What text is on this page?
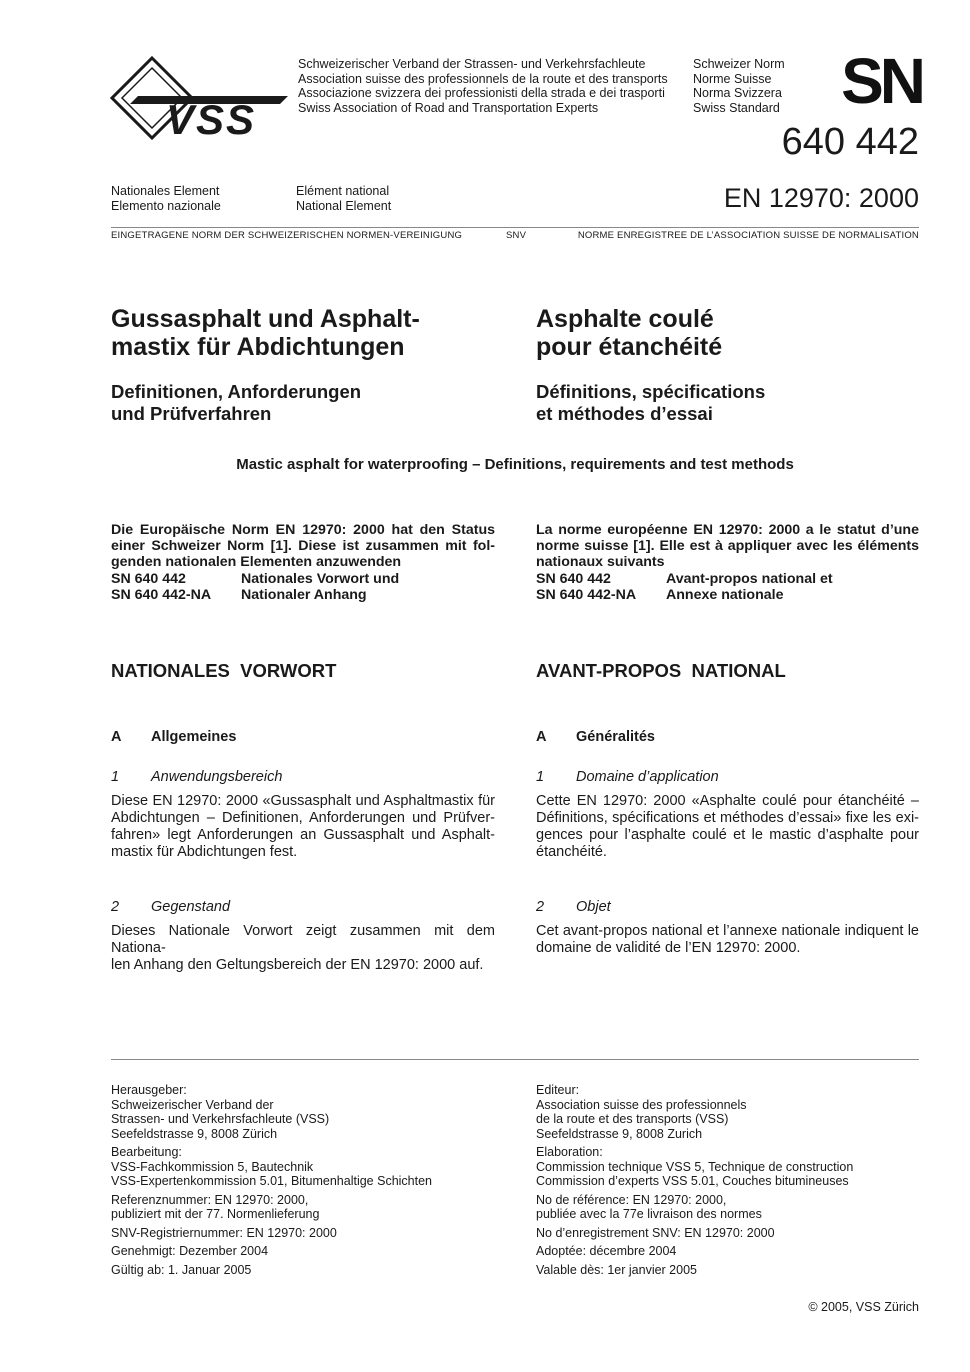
VSS
Schweizerischer Verband der Strassen- und Verkehrsfachleute
Association suisse des professionnels de la route et des transports
Associazione svizzera dei professionisti della strada e dei trasporti
Swiss Association of Road and Transportation Experts
Schweizer Norm
Norme Suisse
Norma Svizzera
Swiss Standard SN
640 442
Nationales Element
Elemento nazionale
Elément national
National Element	EN 12970: 2000
EINGETRAGENE NORM DER SCHWEIZERISCHEN NORMEN-VEREINIGUNG	SNV	NORME ENREGISTREE DE L’ASSOCIATION SUISSE DE NORMALISATION
Gussasphalt und Asphalt-
mastix für Abdichtungen
Asphalte coulé
pour étanchéité
Definitionen, Anforderungen
und Prüfverfahren
Définitions, spécifications
et méthodes d’essai
Mastic asphalt for waterproofing – Definitions, requirements and test methods
Die Europäische Norm EN 12970: 2000 hat den Status
einer Schweizer Norm [1]. Diese ist zusammen mit fol-
genden nationalen Elementen anzuwenden
SN 640 442	Nationales Vorwort und
SN 640 442-NA	Nationaler Anhang
La norme européenne EN 12970: 2000 a le statut d’une
norme suisse [1]. Elle est à appliquer avec les éléments
nationaux suivants
SN 640 442	Avant-propos national et
SN 640 442-NA	Annexe nationale
NATIONALES  VORWORT	AVANT-PROPOS  NATIONAL
A Allgemeines	A Généralités
1 Anwendungsbereich	1 Domaine d’application
Diese EN 12970: 2000 «Gussasphalt und Asphaltmastix für
Abdichtungen – Definitionen, Anforderungen und Prüfver-
fahren» legt Anforderungen an Gussasphalt und Asphalt-
mastix für Abdichtungen fest.
Cette EN 12970: 2000 «Asphalte coulé pour étanchéité –
Définitions, spécifications et méthodes d’essai» fixe les exi-
gences pour l’asphalte coulé et le mastic d’asphalte pour
étanchéité.
2 Gegenstand	2 Objet
Dieses Nationale Vorwort zeigt zusammen mit dem Nationa-
len Anhang den Geltungsbereich der EN 12970: 2000 auf.
Cet avant-propos national et l’annexe nationale indiquent le
domaine de validité de l’EN 12970: 2000.
Herausgeber:
Schweizerischer Verband der
Strassen- und Verkehrsfachleute (VSS)
Seefeldstrasse 9, 8008 Zürich
Bearbeitung:
VSS-Fachkommission 5, Bautechnik
VSS-Expertenkommission 5.01, Bitumenhaltige Schichten
Referenznummer: EN 12970: 2000,
publiziert mit der 77. Normenlieferung
SNV-Registriernummer: EN 12970: 2000
Genehmigt: Dezember 2004
Gültig ab: 1. Januar 2005
Editeur:
Association suisse des professionnels
de la route et des transports (VSS)
Seefeldstrasse 9, 8008 Zurich
Elaboration:
Commission technique VSS 5, Technique de construction
Commission d’experts VSS 5.01, Couches bitumineuses
No de référence: EN 12970: 2000,
publiée avec la 77e livraison des normes
No d’enregistrement SNV: EN 12970: 2000
Adoptée: décembre 2004
Valable dès: 1er janvier 2005
© 2005, VSS Zürich
